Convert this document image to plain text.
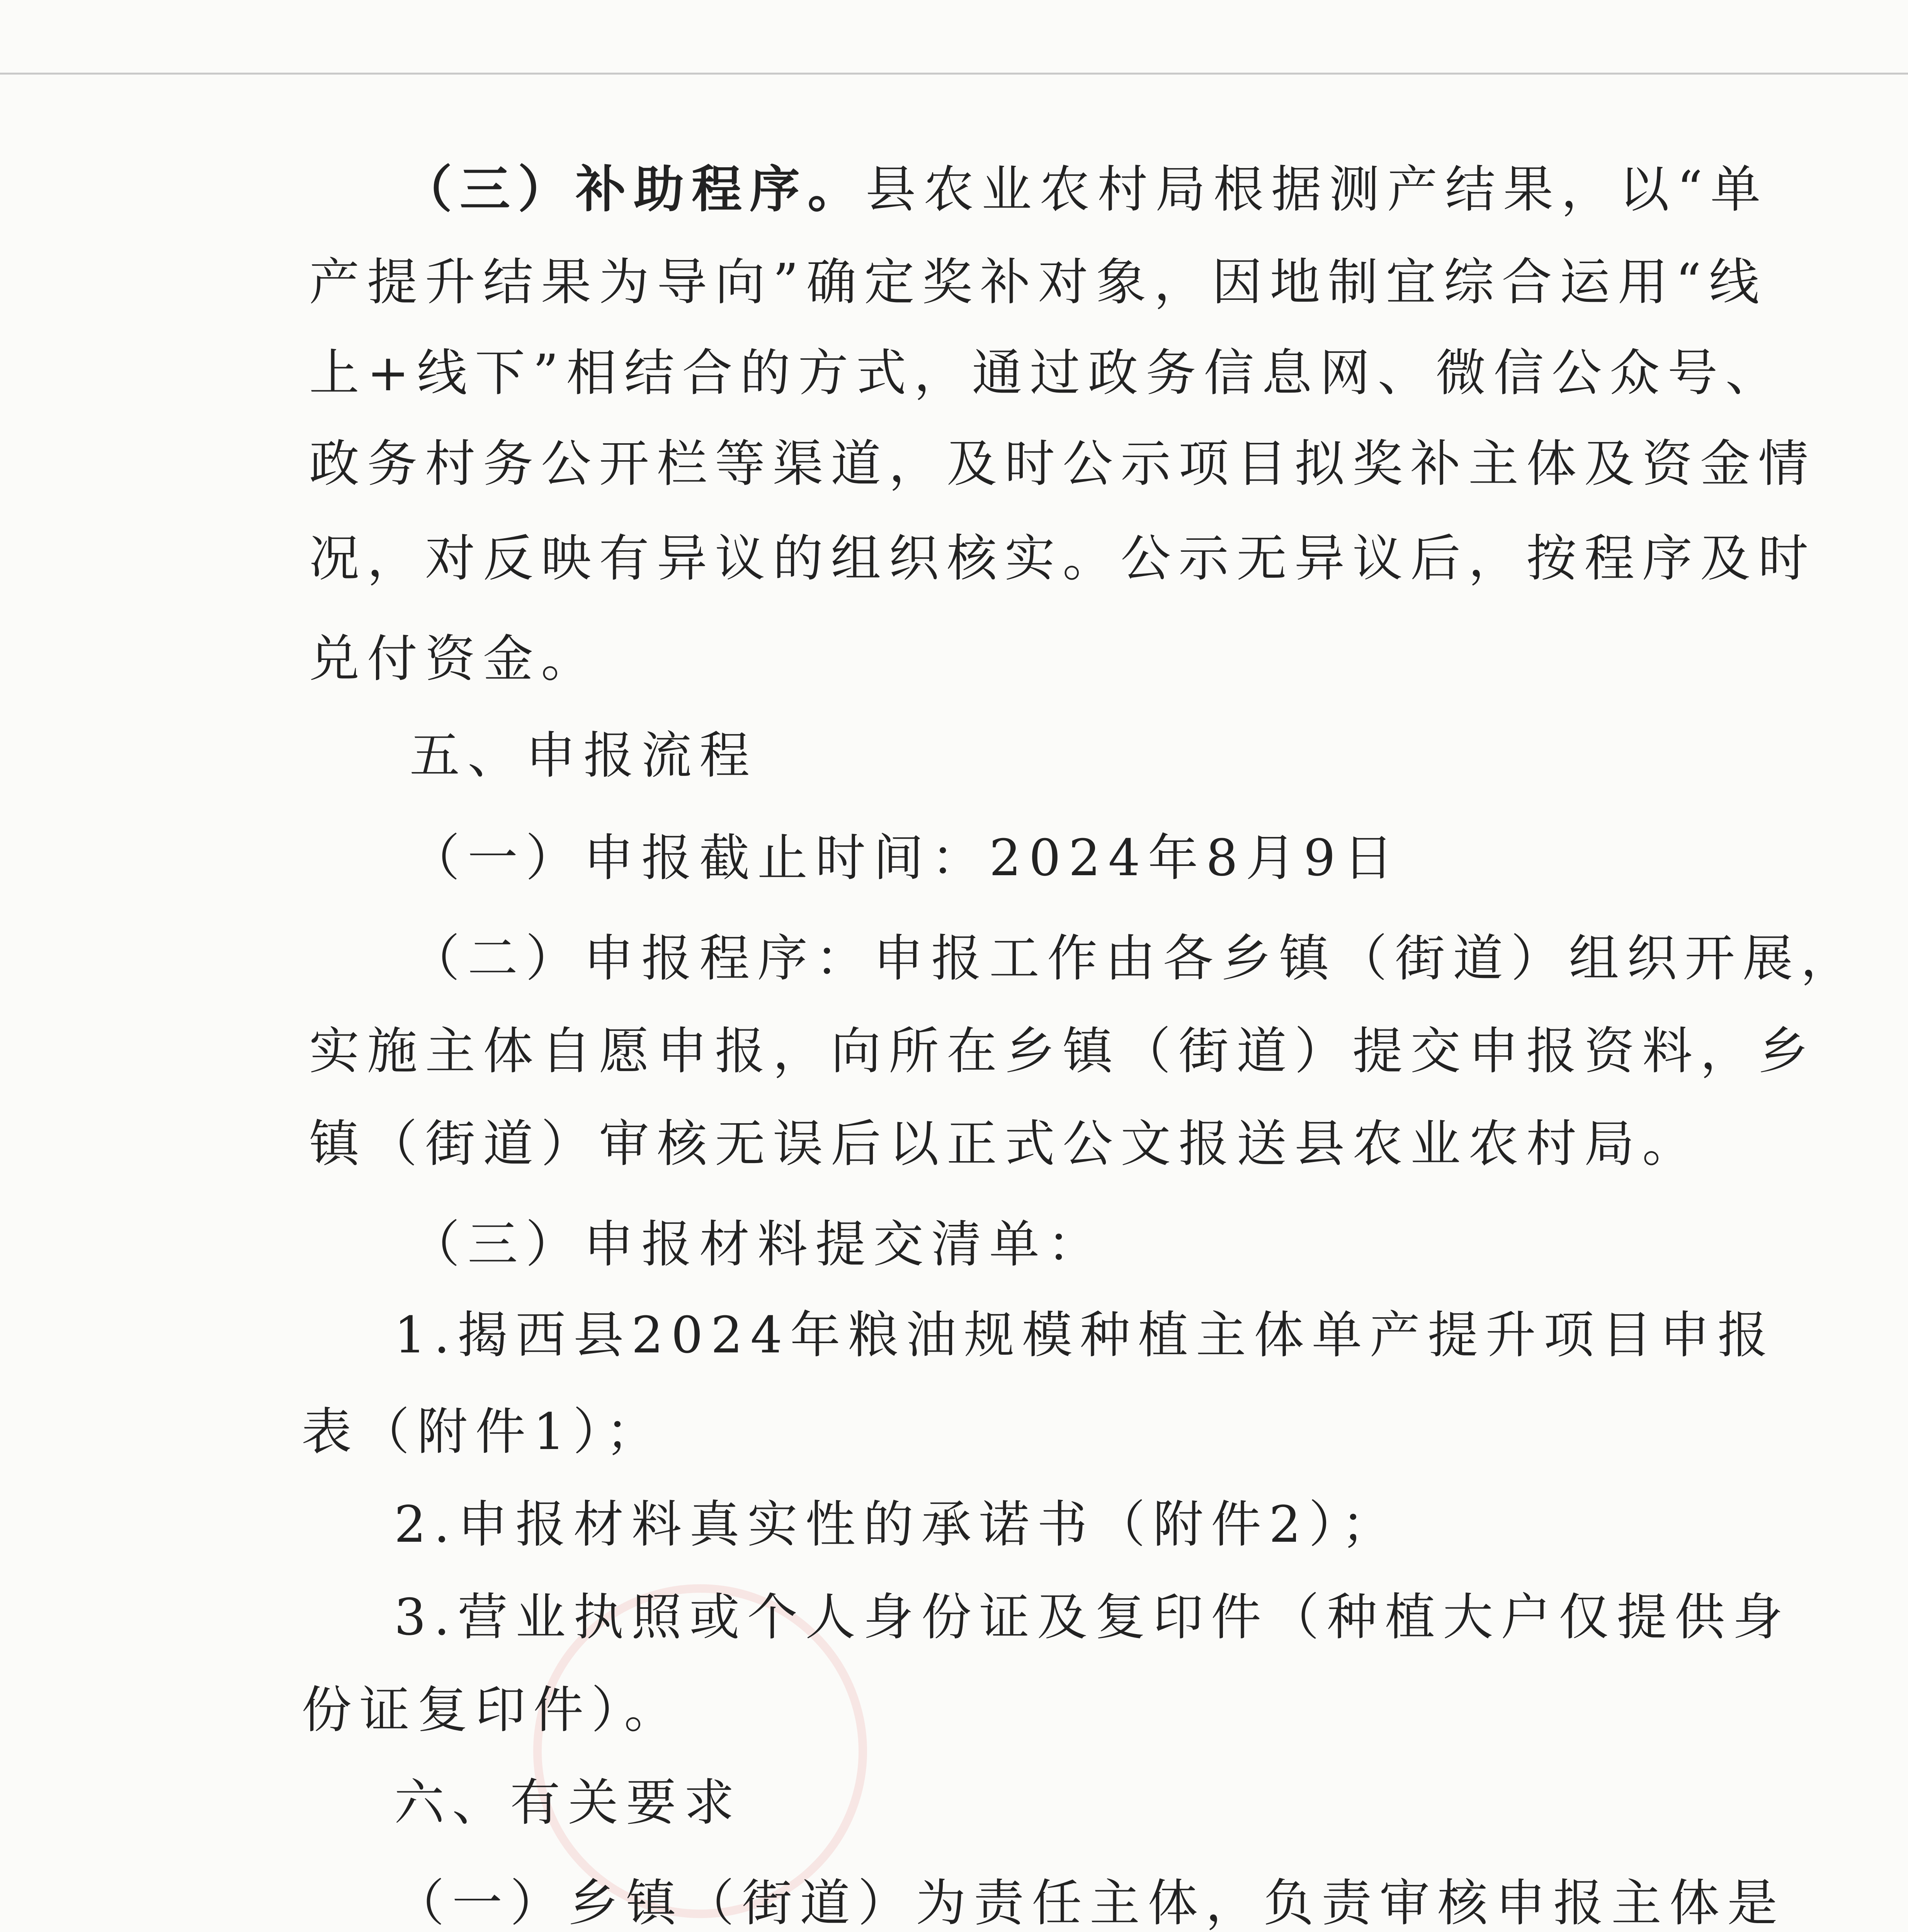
（三）补助程序。县农业农村局根据测产结果，以“单
产提升结果为导向”确定奖补对象，因地制宜综合运用“线
上+线下”相结合的方式，通过政务信息网、微信公众号、
政务村务公开栏等渠道，及时公示项目拟奖补主体及资金情
况，对反映有异议的组织核实。公示无异议后，按程序及时
兑付资金。
五、申报流程
（一）申报截止时间：2024年8月9日
（二）申报程序：申报工作由各乡镇（街道）组织开展，
实施主体自愿申报，向所在乡镇（街道）提交申报资料，乡
镇（街道）审核无误后以正式公文报送县农业农村局。
（三）申报材料提交清单：
1.揭西县2024年粮油规模种植主体单产提升项目申报
表（附件1）；
2.申报材料真实性的承诺书（附件2）；
3.营业执照或个人身份证及复印件（种植大户仅提供身
份证复印件）。
六、有关要求
（一）乡镇（街道）为责任主体，负责审核申报主体是
